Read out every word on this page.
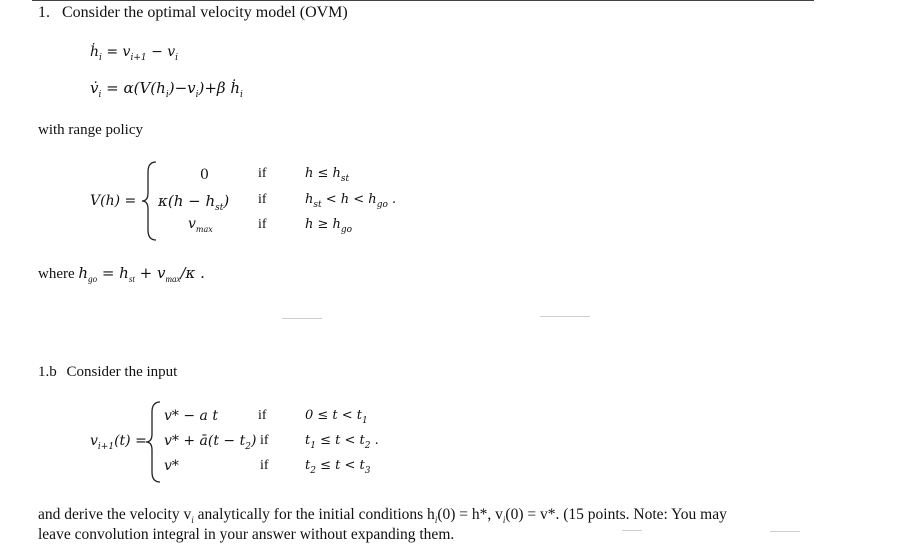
1. Consider the optimal velocity model (OVM)
ḣ$_i$ = $v_{i+1} - v_i$
$v̇_i = \alpha(V(h_i)-v_i)+\beta$ ḣ$_i$
with range policy
V(h) =
0	if	$h \le h_{st}$
$\kappa(h - h_{st})$ if	$h_{st} < h < h_{go}$ .
$v_{max}$	if	$h \ge h_{go}$
where $h_{go} = h_{st} + v_{max}/\kappa$ .
1.b Consider the input
$v_{i+1}(t)$ =
v* − a t	if	$0 \le t < t_1$
v* + ā(t − $t_2$) if	$t_1 \le t < t_2$ .
v*	if	$t_2 \le t < t_3$
and derive the velocity $v_i$ analytically for the initial conditions $h_i(0) = h*$, $v_i(0) = v*$. (15 points. Note: You may
leave convolution integral in your answer without expanding them.
